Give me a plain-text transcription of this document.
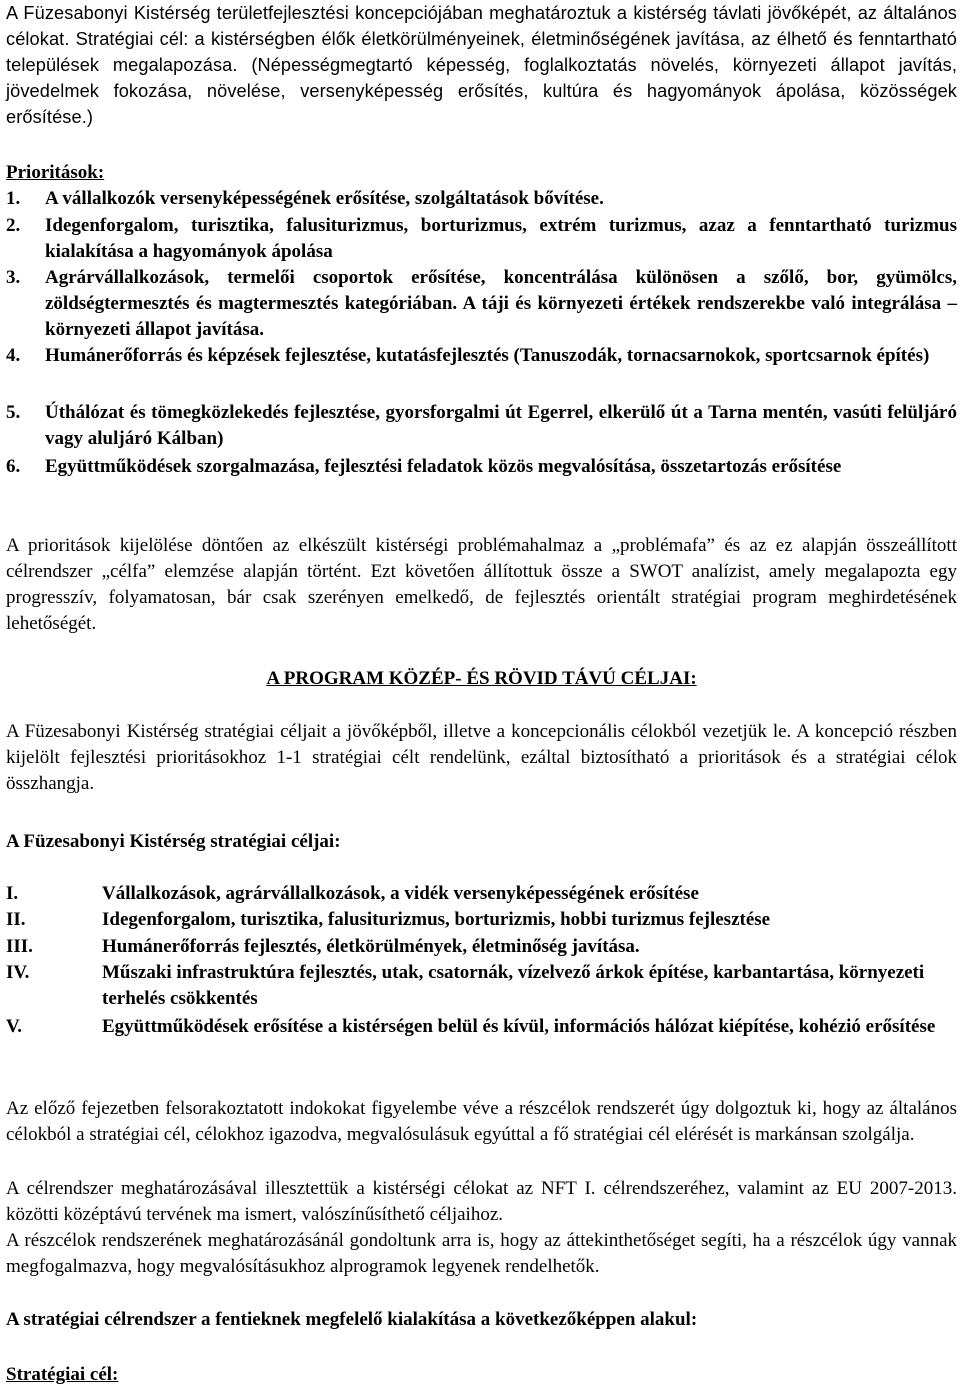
A Füzesabonyi Kistérség területfejlesztési koncepciójában meghatároztuk a kistérség távlati jövőképét, az általános célokat. Stratégiai cél: a kistérségben élők életkörülményeinek, életminőségének javítása, az élhető és fenntartható települések megalapozása. (Népességmegtartó képesség, foglalkoztatás növelés, környezeti állapot javítás, jövedelmek fokozása, növelése, versenyképesség erősítés, kultúra és hagyományok ápolása, közösségek erősítése.)

Prioritások:

1.	A vállalkozók versenyképességének erősítése, szolgáltatások bővítése.
2.	Idegenforgalom, turisztika, falusiturizmus, borturizmus, extrém turizmus, azaz a fenntartható turizmus kialakítása a hagyományok ápolása
3.	Agrárvállalkozások, termelői csoportok erősítése, koncentrálása különösen a szőlő, bor, gyümölcs, zöldségtermesztés és magtermesztés kategóriában. A táji és környezeti értékek rendszerekbe való integrálása – környezeti állapot javítása.
4.	Humánerőforrás és képzések fejlesztése, kutatásfejlesztés (Tanuszodák, tornacsarnokok, sportcsarnok építés)
5.	Úthálózat és tömegközlekedés fejlesztése, gyorsforgalmi út Egerrel, elkerülő út a Tarna mentén, vasúti felüljáró vagy aluljáró Kálban)
6.	Együttműködések szorgalmazása, fejlesztési feladatok közös megvalósítása, összetartozás erősítése

A prioritások kijelölése döntően az elkészült kistérségi problémahalmaz a „problémafa” és az ez alapján összeállított célrendszer „célfa” elemzése alapján történt. Ezt követően állítottuk össze a SWOT analízist, amely megalapozta egy progresszív, folyamatosan, bár csak szerényen emelkedő, de fejlesztés orientált stratégiai program meghirdetésének lehetőségét.

A PROGRAM KÖZÉP- ÉS RÖVID TÁVÚ CÉLJAI:

A Füzesabonyi Kistérség stratégiai céljait a jövőképből, illetve a koncepcionális célokból vezetjük le. A koncepció részben kijelölt fejlesztési prioritásokhoz 1-1 stratégiai célt rendelünk, ezáltal biztosítható a prioritások és a stratégiai célok összhangja.

A Füzesabonyi Kistérség stratégiai céljai:

I.	Vállalkozások, agrárvállalkozások, a vidék versenyképességének erősítése
II.	Idegenforgalom, turisztika, falusiturizmus, borturizmis, hobbi turizmus fejlesztése
III.	Humánerőforrás fejlesztés, életkörülmények, életminőség javítása.
IV.	Műszaki infrastruktúra fejlesztés, utak, csatornák, vízelvező árkok építése, karbantartása, környezeti terhelés csökkentés
V.	Együttműködések erősítése a kistérségen belül és kívül, információs hálózat kiépítése, kohézió erősítése

Az előző fejezetben felsorakoztatott indokokat figyelembe véve a részcélok rendszerét úgy dolgoztuk ki, hogy az általános célokból a stratégiai cél, célokhoz igazodva, megvalósulásuk egyúttal a fő stratégiai cél elérését is markánsan szolgálja.

A célrendszer meghatározásával illesztettük a kistérségi célokat az NFT I. célrendszeréhez, valamint az EU 2007-2013. közötti középtávú tervének ma ismert, valószínűsíthető céljaihoz.

A részcélok rendszerének meghatározásánál gondoltunk arra is, hogy az áttekinthetőséget segíti, ha a részcélok úgy vannak megfogalmazva, hogy megvalósításukhoz alprogramok legyenek rendelhetők.

A stratégiai célrendszer a fentieknek megfelelő kialakítása a következőképpen alakul:

Stratégiai cél:
